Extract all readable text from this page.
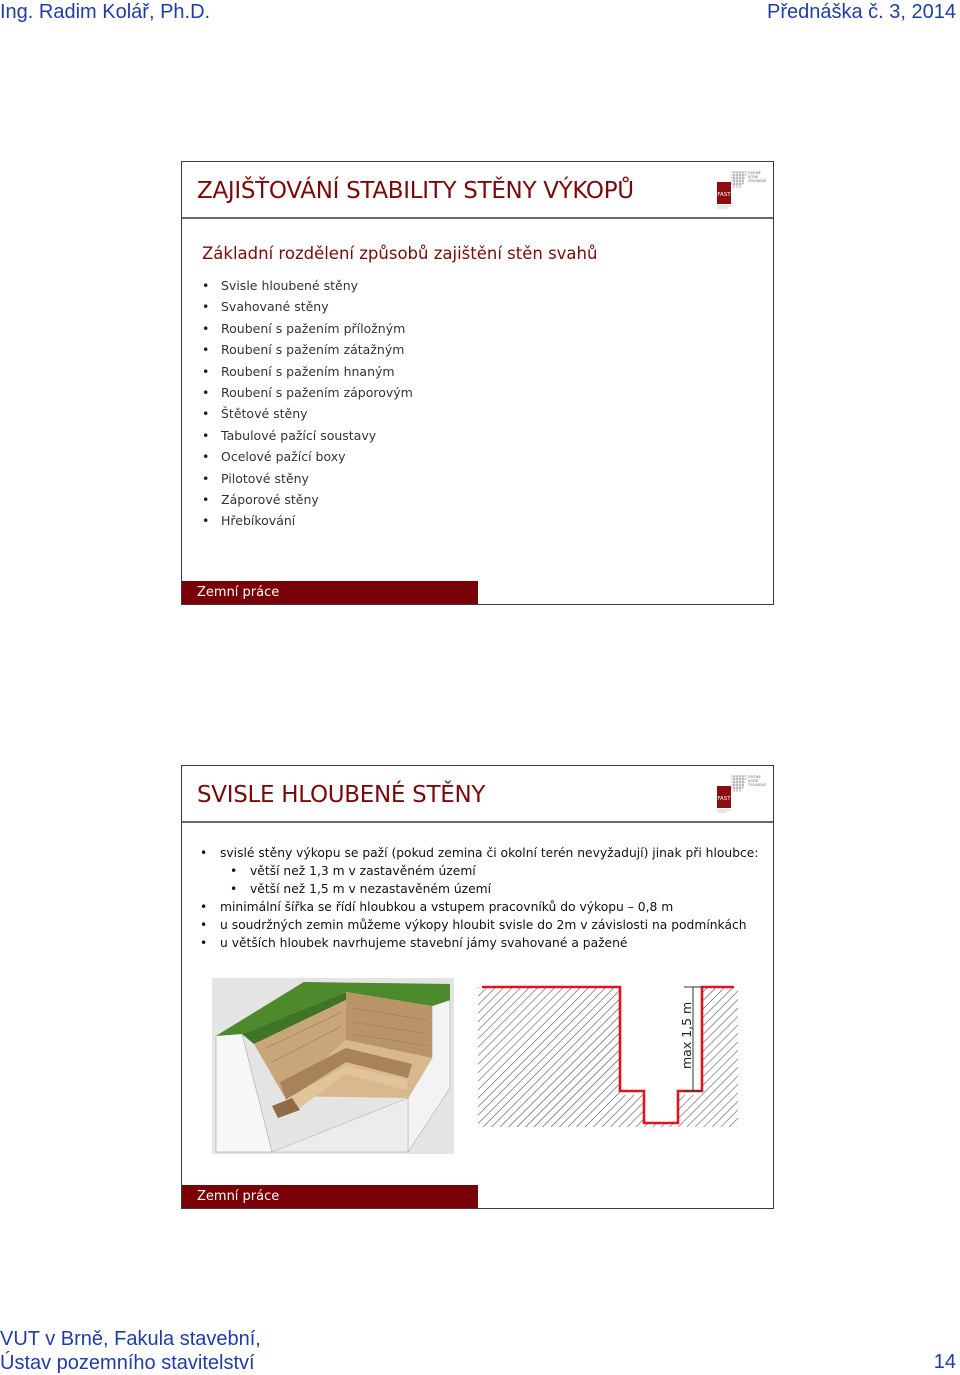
Ing. Radim Kolář, Ph.D.	Přednáška č. 3, 2014
ZAJIŠŤOVÁNÍ STABILITY STĚNY VÝKOPŮ	FAST
VYSOKÉ
UČENÍ
TECHNICKÉ
Základní rozdělení způsobů zajištění stěn svahů
• Svisle hloubené stěny
• Svahované stěny
• Roubení s pažením příložným
• Roubení s pažením zátažným
• Roubení s pažením hnaným
• Roubení s pažením záporovým
• Štětové stěny
• Tabulové pažící soustavy
• Ocelové pažící boxy
• Pilotové stěny
• Záporové stěny
• Hřebíkování
Zemní práce
SVISLE HLOUBENÉ STĚNY	FAST
VYSOKÉ
UČENÍ
TECHNICKÉ
• svislé stěny výkopu se paží (pokud zemina či okolní terén nevyžadují) jinak při hloubce:
• větší než 1,3 m v zastavěném území
• větší než 1,5 m v nezastavěném území
• minimální šířka se řídí hloubkou a vstupem pracovníků do výkopu – 0,8 m
• u soudržných zemin můžeme výkopy hloubit svisle do 2m v závislosti na podmínkách
• u větších hloubek navrhujeme stavební jámy svahované a pažené
max 1,5 m
Zemní práce
VUT v Brně, Fakula stavební,
Ústav pozemního stavitelství	14
